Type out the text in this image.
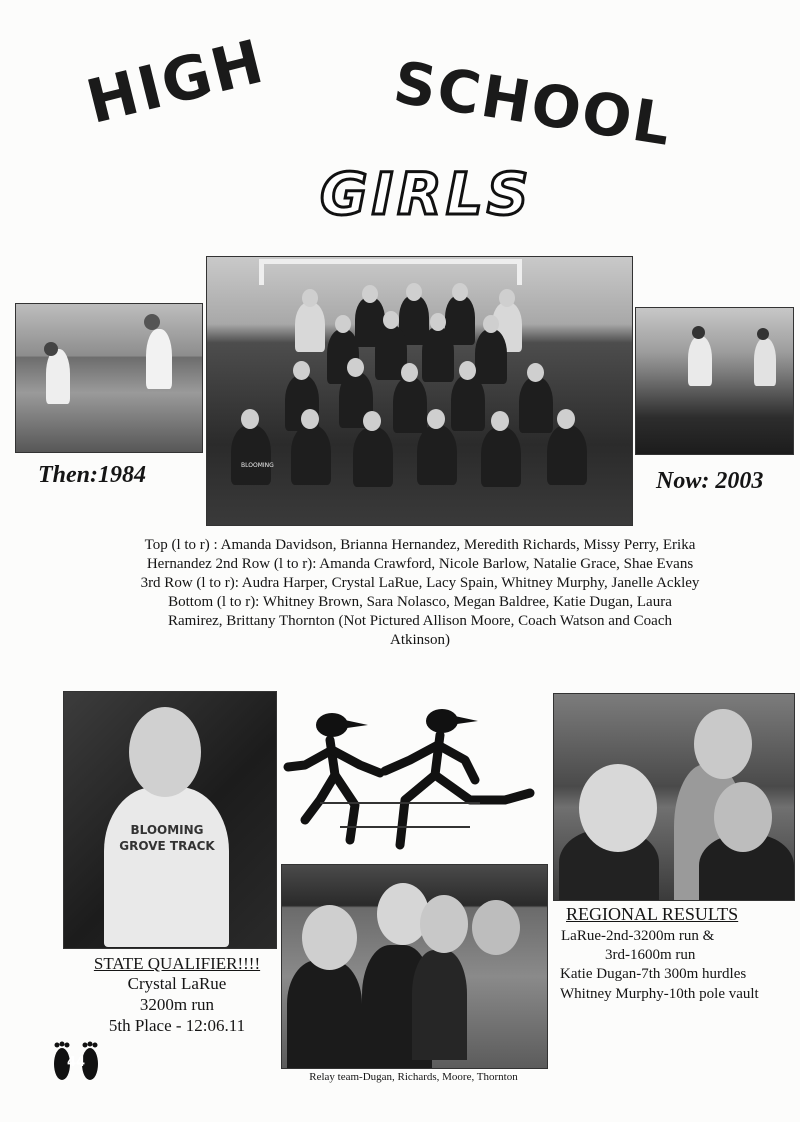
HIGH SCHOOL
GIRLS
Then:1984	BLOOMING
Now: 2003
Top (l to r) : Amanda Davidson, Brianna Hernandez, Meredith Richards, Missy Perry, Erika Hernandez 2nd Row (l to r): Amanda Crawford, Nicole Barlow, Natalie Grace, Shae Evans 3rd Row (l to r): Audra Harper, Crystal LaRue, Lacy Spain, Whitney Murphy, Janelle Ackley Bottom (l to r): Whitney Brown, Sara Nolasco, Megan Baldree, Katie Dugan, Laura Ramirez, Brittany Thornton (Not Pictured Allison Moore, Coach Watson and Coach Atkinson)
BLOOMING GROVE TRACK
STATE QUALIFIER!!!!
Crystal LaRue
3200m run
5th Place - 12:06.11
Relay team-Dugan, Richards, Moore, Thornton
REGIONAL RESULTS
LaRue-2nd-3200m run &
3rd-1600m run
Katie Dugan-7th 300m hurdles
Whitney Murphy-10th pole vault
44
